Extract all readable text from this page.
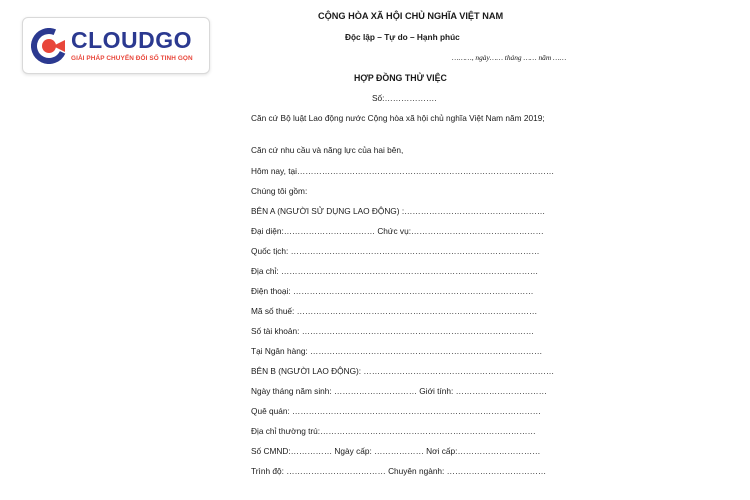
CLOUDGO
GIẢI PHÁP CHUYỂN ĐỔI SỐ TINH GỌN
CỘNG HÒA XÃ HỘI CHỦ NGHĨA VIỆT NAM
Độc lập – Tự do – Hạnh phúc
………, ngày…… tháng …… năm ……
HỢP ĐỒNG THỬ VIỆC
Số:……………….
Căn cứ Bộ luật Lao động nước Cộng hòa xã hội chủ nghĩa Việt Nam năm 2019;
Căn cứ nhu cầu và năng lực của hai bên,
Hôm nay, tại…………………………………………………………………………………
Chúng tôi gồm:
BÊN A (NGƯỜI SỬ DỤNG LAO ĐỘNG) :……………………………………………
Đại diện:…………………………… Chức vụ:…………………………………………
Quốc tịch: ………………………………………………………………………………
Địa chỉ: …………………………………………………………………………………
Điện thoại: ……………………………………………………………………………
Mã số thuế: ……………………………………………………………………………
Số tài khoản: …………………………………………………………………………
Tại Ngân hàng: …………………………………………………………………………
BÊN B (NGƯỜI LAO ĐỘNG): ……………………………………………………………
Ngày tháng năm sinh: ………………………… Giới tính: ……………………………
Quê quán: ………………………………………………………………………………
Địa chỉ thường trú:……………………………………………………………………
Số CMND:…………… Ngày cấp: ……………… Nơi cấp:…………………………
Trình độ: ……………………………… Chuyên ngành: ………………………………
